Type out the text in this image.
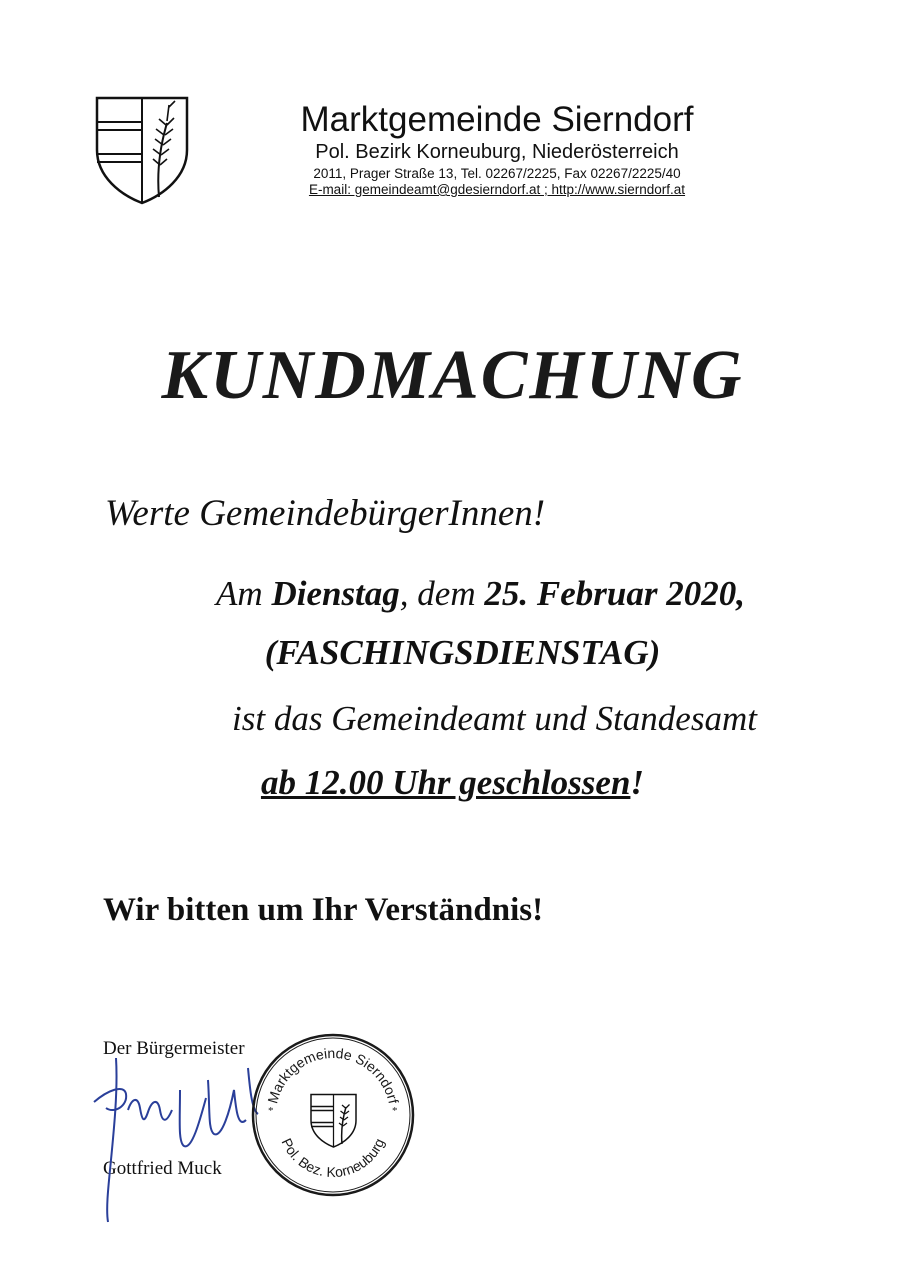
Marktgemeinde Sierndorf
Pol. Bezirk Korneuburg, Niederösterreich
2011, Prager Straße 13, Tel. 02267/2225, Fax 02267/2225/40
E-mail: gemeindeamt@gdesierndorf.at ; http://www.sierndorf.at
KUNDMACHUNG
Werte GemeindebürgerInnen!
Am Dienstag, dem 25. Februar 2020,
(FASCHINGSDIENSTAG)
ist das Gemeindeamt und Standesamt
ab 12.00 Uhr geschlossen!
Wir bitten um Ihr Verständnis!
Der Bürgermeister
Gottfried Muck
Marktgemeinde Sierndorf
Pol. Bez. Korneuburg
*	*
